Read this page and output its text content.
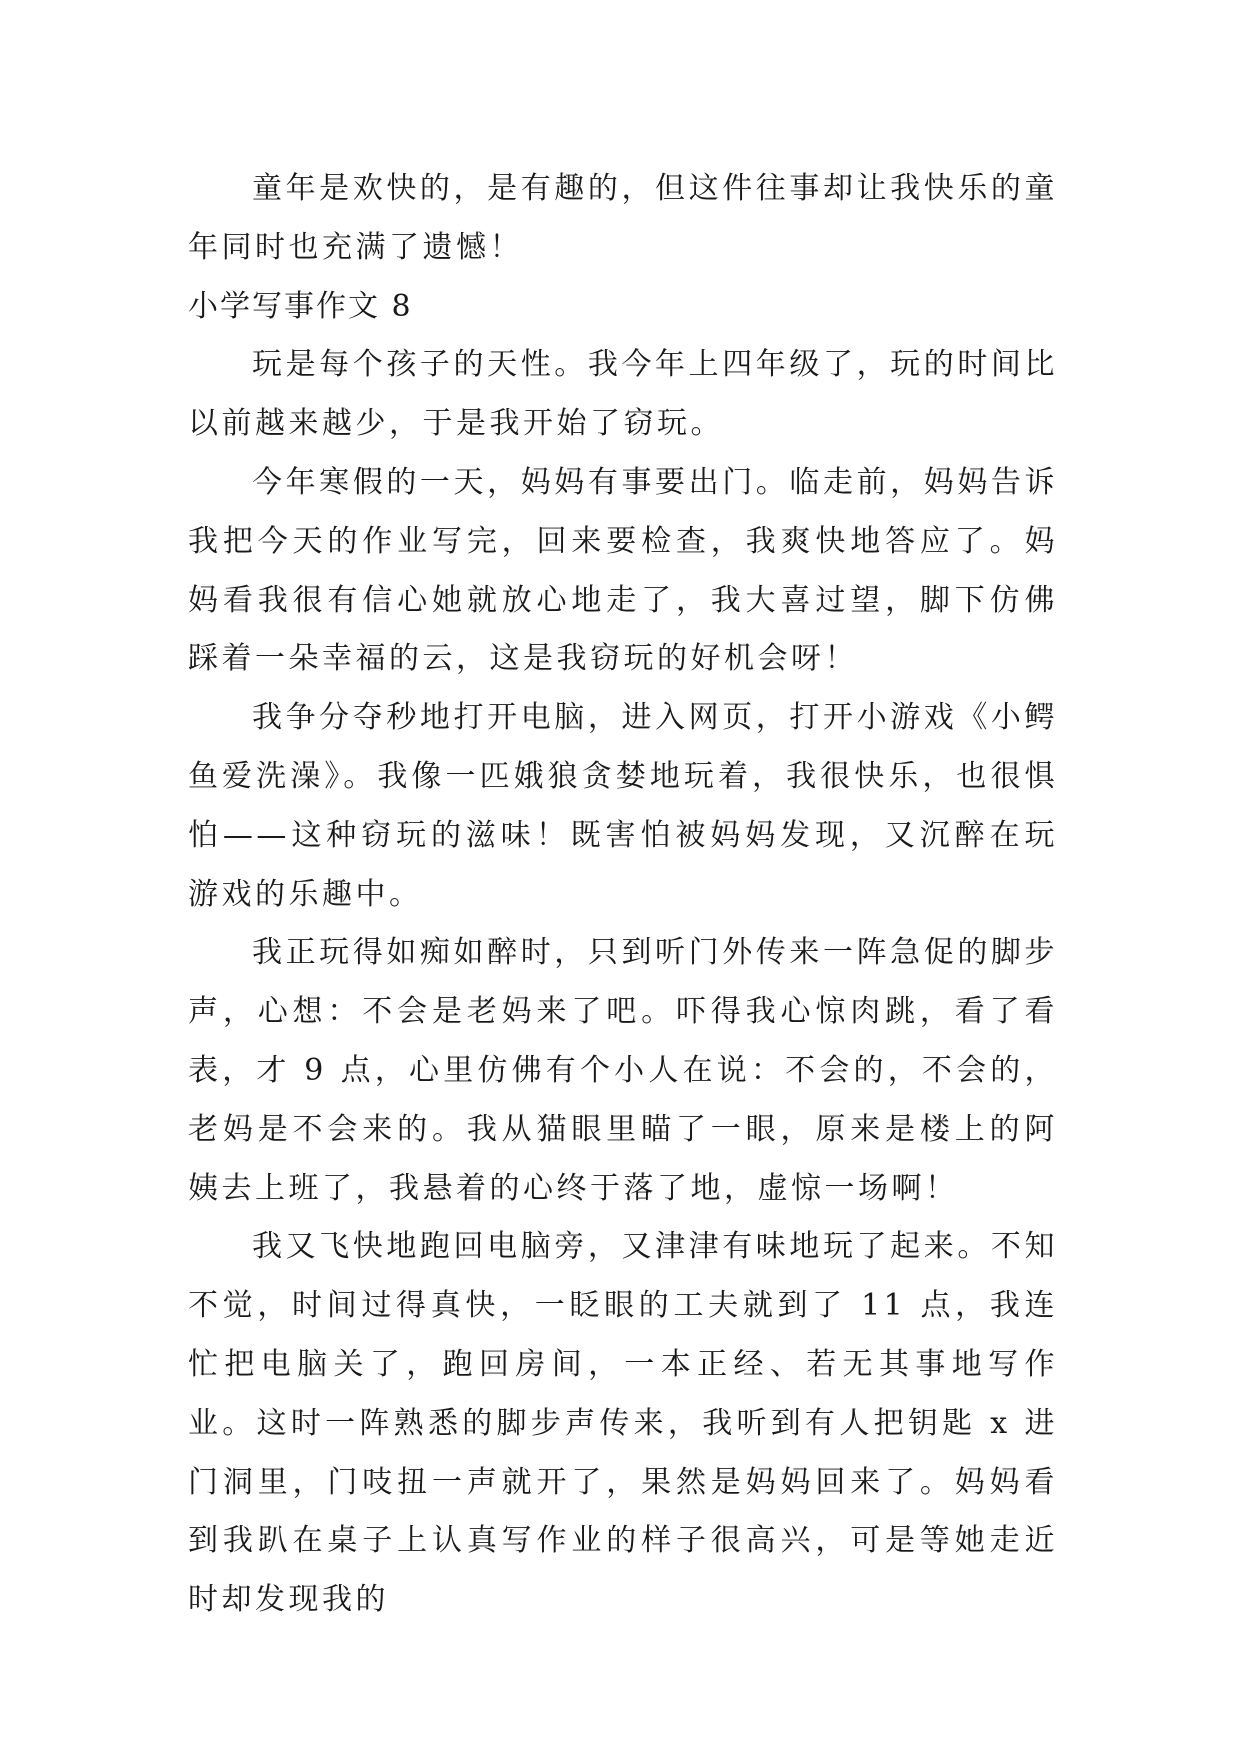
童年是欢快的，是有趣的，但这件往事却让我快乐的童年同时也充满了遗憾！

小学写事作文 8

玩是每个孩子的天性。我今年上四年级了，玩的时间比以前越来越少，于是我开始了窃玩。

今年寒假的一天，妈妈有事要出门。临走前，妈妈告诉我把今天的作业写完，回来要检查，我爽快地答应了。妈妈看我很有信心她就放心地走了，我大喜过望，脚下仿佛踩着一朵幸福的云，这是我窃玩的好机会呀！

我争分夺秒地打开电脑，进入网页，打开小游戏《小鳄鱼爱洗澡》。我像一匹娥狼贪婪地玩着，我很快乐，也很惧怕——这种窃玩的滋味！既害怕被妈妈发现，又沉醉在玩游戏的乐趣中。

我正玩得如痴如醉时，只到听门外传来一阵急促的脚步声，心想：不会是老妈来了吧。吓得我心惊肉跳，看了看表，才 9 点，心里仿佛有个小人在说：不会的，不会的，老妈是不会来的。我从猫眼里瞄了一眼，原来是楼上的阿姨去上班了，我悬着的心终于落了地，虚惊一场啊！

我又飞快地跑回电脑旁，又津津有味地玩了起来。不知不觉，时间过得真快，一眨眼的工夫就到了 11 点，我连忙把电脑关了，跑回房间，一本正经、若无其事地写作业。这时一阵熟悉的脚步声传来，我听到有人把钥匙 x 进门洞里，门吱扭一声就开了，果然是妈妈回来了。妈妈看到我趴在桌子上认真写作业的样子很高兴，可是等她走近时却发现我的
